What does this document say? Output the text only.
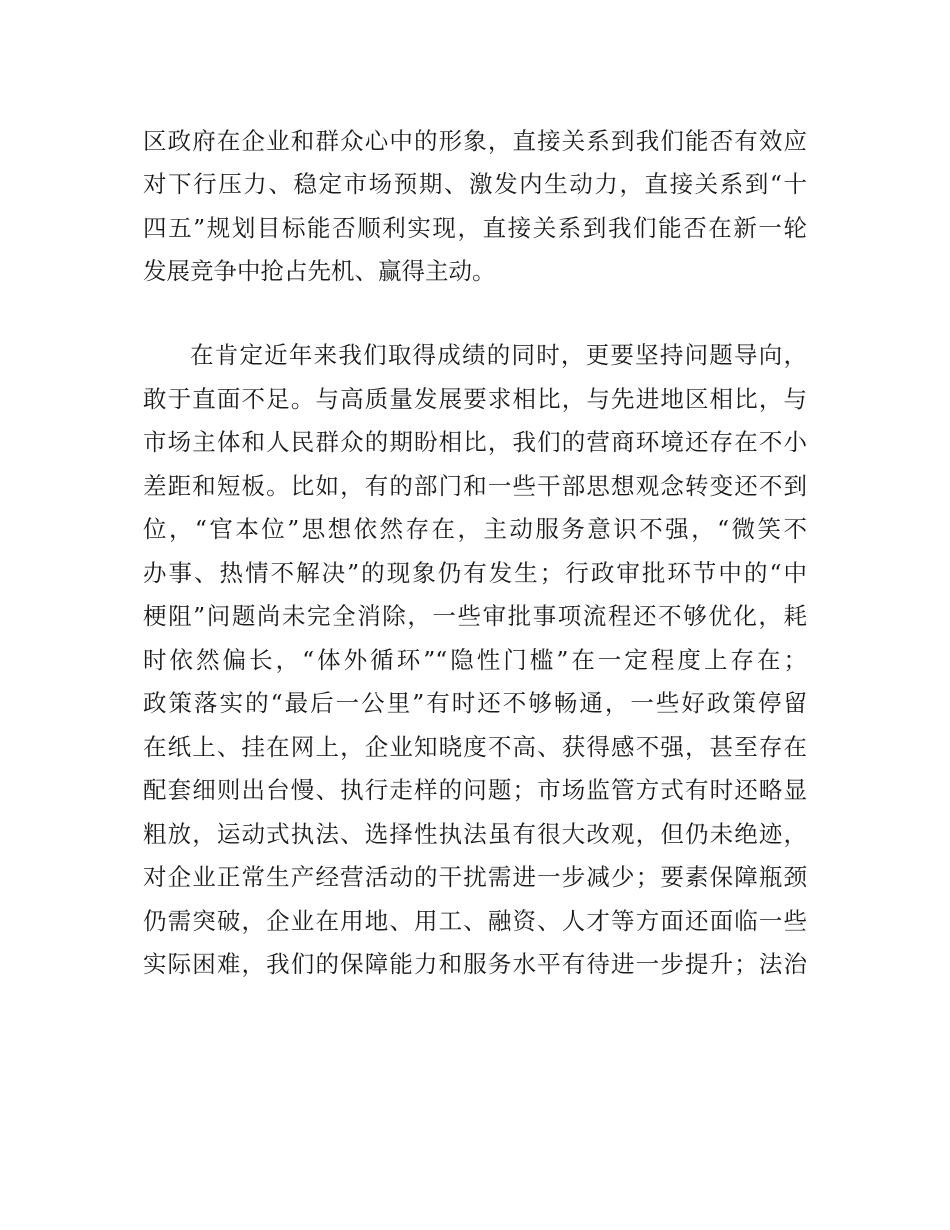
区政府在企业和群众心中的形象，直接关系到我们能否有效应
对下行压力、稳定市场预期、激发内生动力，直接关系到“十
四五”规划目标能否顺利实现，直接关系到我们能否在新一轮
发展竞争中抢占先机、赢得主动。
在肯定近年来我们取得成绩的同时，更要坚持问题导向，
敢于直面不足。与高质量发展要求相比，与先进地区相比，与
市场主体和人民群众的期盼相比，我们的营商环境还存在不小
差距和短板。比如，有的部门和一些干部思想观念转变还不到
位，“官本位”思想依然存在，主动服务意识不强，“微笑不
办事、热情不解决”的现象仍有发生；行政审批环节中的“中
梗阻”问题尚未完全消除，一些审批事项流程还不够优化，耗
时依然偏长，“体外循环”“隐性门槛”在一定程度上存在；
政策落实的“最后一公里”有时还不够畅通，一些好政策停留
在纸上、挂在网上，企业知晓度不高、获得感不强，甚至存在
配套细则出台慢、执行走样的问题；市场监管方式有时还略显
粗放，运动式执法、选择性执法虽有很大改观，但仍未绝迹，
对企业正常生产经营活动的干扰需进一步减少；要素保障瓶颈
仍需突破，企业在用地、用工、融资、人才等方面还面临一些
实际困难，我们的保障能力和服务水平有待进一步提升；法治
